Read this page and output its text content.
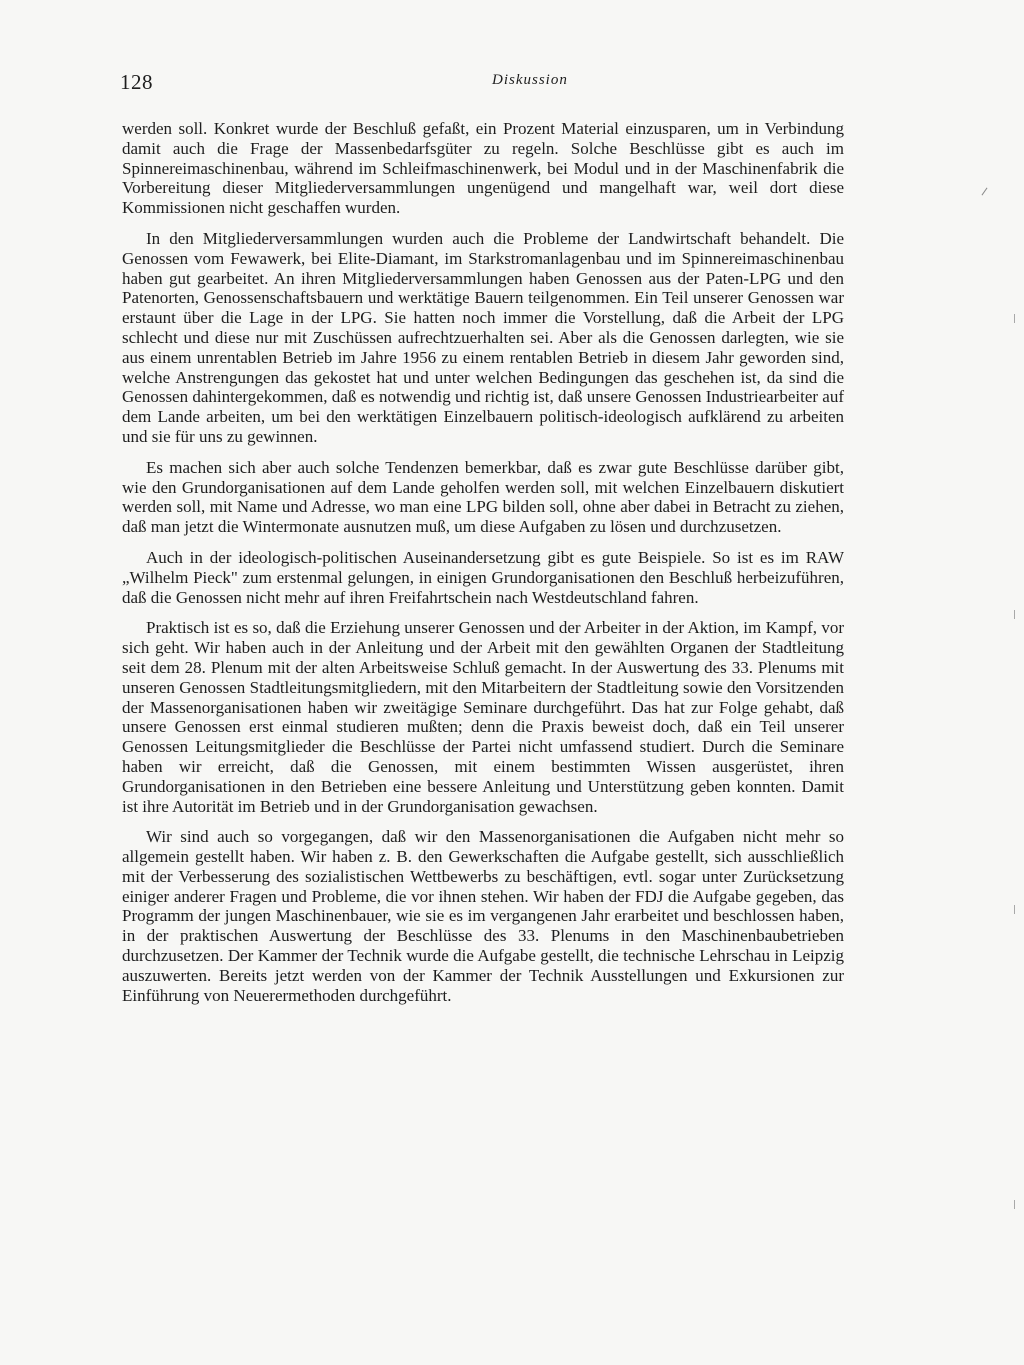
128	Diskussion

werden soll. Konkret wurde der Beschluß gefaßt, ein Prozent Material einzusparen, um in Verbindung damit auch die Frage der Massenbedarfsgüter zu regeln. Solche Beschlüsse gibt es auch im Spinnereimaschinenbau, während im Schleifmaschinenwerk, bei Modul und in der Maschinenfabrik die Vorbereitung dieser Mitgliederversammlungen ungenügend und mangelhaft war, weil dort diese Kommissionen nicht geschaffen wurden.

In den Mitgliederversammlungen wurden auch die Probleme der Landwirtschaft behandelt. Die Genossen vom Fewawerk, bei Elite-Diamant, im Starkstromanlagenbau und im Spinnereimaschinenbau haben gut gearbeitet. An ihren Mitgliederversammlungen haben Genossen aus der Paten-LPG und den Patenorten, Genossenschaftsbauern und werktätige Bauern teilgenommen. Ein Teil unserer Genossen war erstaunt über die Lage in der LPG. Sie hatten noch immer die Vorstellung, daß die Arbeit der LPG schlecht und diese nur mit Zuschüssen aufrechtzuerhalten sei. Aber als die Genossen darlegten, wie sie aus einem unrentablen Betrieb im Jahre 1956 zu einem rentablen Betrieb in diesem Jahr geworden sind, welche Anstrengungen das gekostet hat und unter welchen Bedingungen das geschehen ist, da sind die Genossen dahintergekommen, daß es notwendig und richtig ist, daß unsere Genossen Industriearbeiter auf dem Lande arbeiten, um bei den werktätigen Einzelbauern politisch-ideologisch aufklärend zu arbeiten und sie für uns zu gewinnen.

Es machen sich aber auch solche Tendenzen bemerkbar, daß es zwar gute Beschlüsse darüber gibt, wie den Grundorganisationen auf dem Lande geholfen werden soll, mit welchen Einzelbauern diskutiert werden soll, mit Name und Adresse, wo man eine LPG bilden soll, ohne aber dabei in Betracht zu ziehen, daß man jetzt die Wintermonate ausnutzen muß, um diese Aufgaben zu lösen und durchzusetzen.

Auch in der ideologisch-politischen Auseinandersetzung gibt es gute Beispiele. So ist es im RAW „Wilhelm Pieck" zum erstenmal gelungen, in einigen Grundorganisationen den Beschluß herbeizuführen, daß die Genossen nicht mehr auf ihren Freifahrtschein nach Westdeutschland fahren.

Praktisch ist es so, daß die Erziehung unserer Genossen und der Arbeiter in der Aktion, im Kampf, vor sich geht. Wir haben auch in der Anleitung und der Arbeit mit den gewählten Organen der Stadtleitung seit dem 28. Plenum mit der alten Arbeitsweise Schluß gemacht. In der Auswertung des 33. Plenums mit unseren Genossen Stadtleitungsmitgliedern, mit den Mitarbeitern der Stadtleitung sowie den Vorsitzenden der Massenorganisationen haben wir zweitägige Seminare durchgeführt. Das hat zur Folge gehabt, daß unsere Genossen erst einmal studieren mußten; denn die Praxis beweist doch, daß ein Teil unserer Genossen Leitungsmitglieder die Beschlüsse der Partei nicht umfassend studiert. Durch die Seminare haben wir erreicht, daß die Genossen, mit einem bestimmten Wissen ausgerüstet, ihren Grundorganisationen in den Betrieben eine bessere Anleitung und Unterstützung geben konnten. Damit ist ihre Autorität im Betrieb und in der Grundorganisation gewachsen.

Wir sind auch so vorgegangen, daß wir den Massenorganisationen die Aufgaben nicht mehr so allgemein gestellt haben. Wir haben z. B. den Gewerkschaften die Aufgabe gestellt, sich ausschließlich mit der Verbesserung des sozialistischen Wettbewerbs zu beschäftigen, evtl. sogar unter Zurücksetzung einiger anderer Fragen und Probleme, die vor ihnen stehen. Wir haben der FDJ die Aufgabe gegeben, das Programm der jungen Maschinenbauer, wie sie es im vergangenen Jahr erarbeitet und beschlossen haben, in der praktischen Auswertung der Beschlüsse des 33. Plenums in den Maschinenbaubetrieben durchzusetzen. Der Kammer der Technik wurde die Aufgabe gestellt, die technische Lehrschau in Leipzig auszuwerten. Bereits jetzt werden von der Kammer der Technik Ausstellungen und Exkursionen zur Einführung von Neuerermethoden durchgeführt.
